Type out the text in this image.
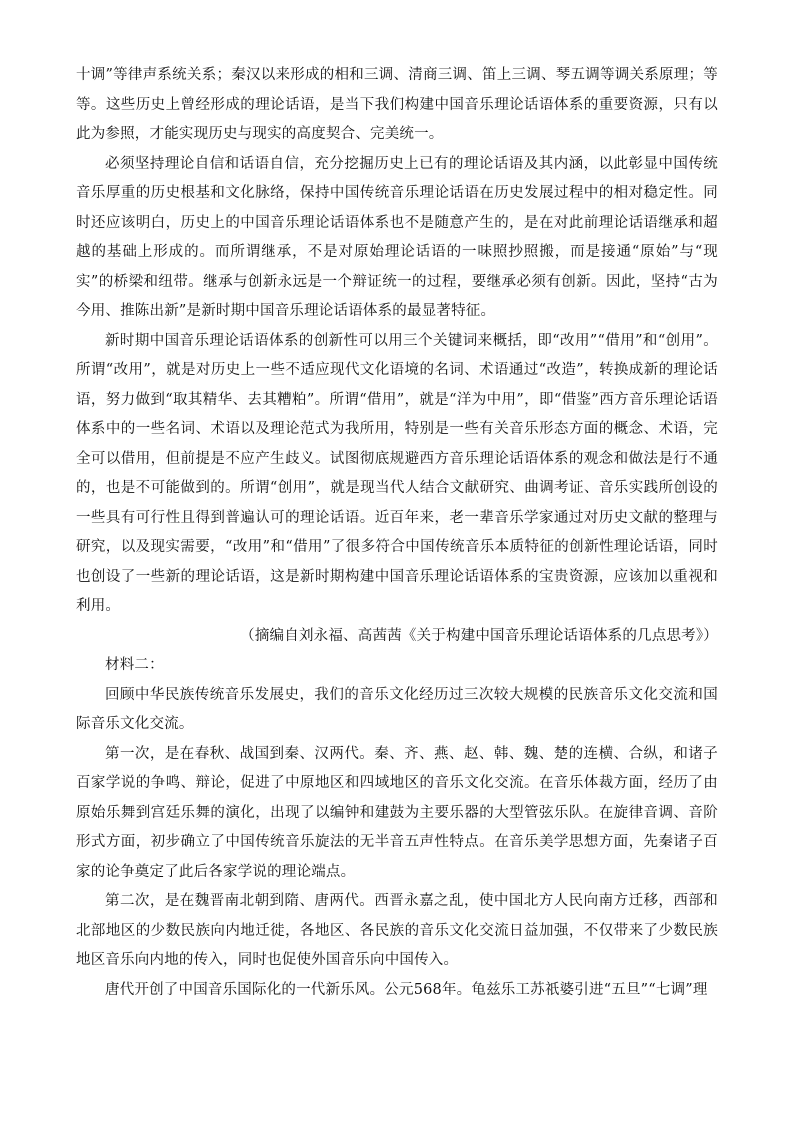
十调”等律声系统关系；秦汉以来形成的相和三调、清商三调、笛上三调、琴五调等调关系原理；等等。这些历史上曾经形成的理论话语，是当下我们构建中国音乐理论话语体系的重要资源，只有以此为参照，才能实现历史与现实的高度契合、完美统一。

必须坚持理论自信和话语自信，充分挖掘历史上已有的理论话语及其内涵，以此彰显中国传统音乐厚重的历史根基和文化脉络，保持中国传统音乐理论话语在历史发展过程中的相对稳定性。同时还应该明白，历史上的中国音乐理论话语体系也不是随意产生的，是在对此前理论话语继承和超越的基础上形成的。而所谓继承，不是对原始理论话语的一味照抄照搬，而是接通“原始”与“现实”的桥梁和纽带。继承与创新永远是一个辩证统一的过程，要继承必须有创新。因此，坚持“古为今用、推陈出新”是新时期中国音乐理论话语体系的最显著特征。

新时期中国音乐理论话语体系的创新性可以用三个关键词来概括，即“改用”“借用”和“创用”。所谓“改用”，就是对历史上一些不适应现代文化语境的名词、术语通过“改造”，转换成新的理论话语，努力做到“取其精华、去其糟粕”。所谓“借用”，就是“洋为中用”，即“借鉴”西方音乐理论话语体系中的一些名词、术语以及理论范式为我所用，特别是一些有关音乐形态方面的概念、术语，完全可以借用，但前提是不应产生歧义。试图彻底规避西方音乐理论话语体系的观念和做法是行不通的，也是不可能做到的。所谓“创用”，就是现当代人结合文献研究、曲调考证、音乐实践所创设的一些具有可行性且得到普遍认可的理论话语。近百年来，老一辈音乐学家通过对历史文献的整理与研究，以及现实需要，“改用”和“借用”了很多符合中国传统音乐本质特征的创新性理论话语，同时也创设了一些新的理论话语，这是新时期构建中国音乐理论话语体系的宝贵资源，应该加以重视和利用。

（摘编自刘永福、高茜茜《关于构建中国音乐理论话语体系的几点思考》）

材料二：

回顾中华民族传统音乐发展史，我们的音乐文化经历过三次较大规模的民族音乐文化交流和国际音乐文化交流。

第一次，是在春秋、战国到秦、汉两代。秦、齐、燕、赵、韩、魏、楚的连横、合纵，和诸子百家学说的争鸣、辩论，促进了中原地区和四域地区的音乐文化交流。在音乐体裁方面，经历了由原始乐舞到宫廷乐舞的演化，出现了以编钟和建鼓为主要乐器的大型管弦乐队。在旋律音调、音阶形式方面，初步确立了中国传统音乐旋法的无半音五声性特点。在音乐美学思想方面，先秦诸子百家的论争奠定了此后各家学说的理论端点。

第二次，是在魏晋南北朝到隋、唐两代。西晋永嘉之乱，使中国北方人民向南方迁移，西部和北部地区的少数民族向内地迁徙，各地区、各民族的音乐文化交流日益加强，不仅带来了少数民族地区音乐向内地的传入，同时也促使外国音乐向中国传入。

唐代开创了中国音乐国际化的一代新乐风。公元568年。龟兹乐工苏祇婆引进“五旦”“七调”理
